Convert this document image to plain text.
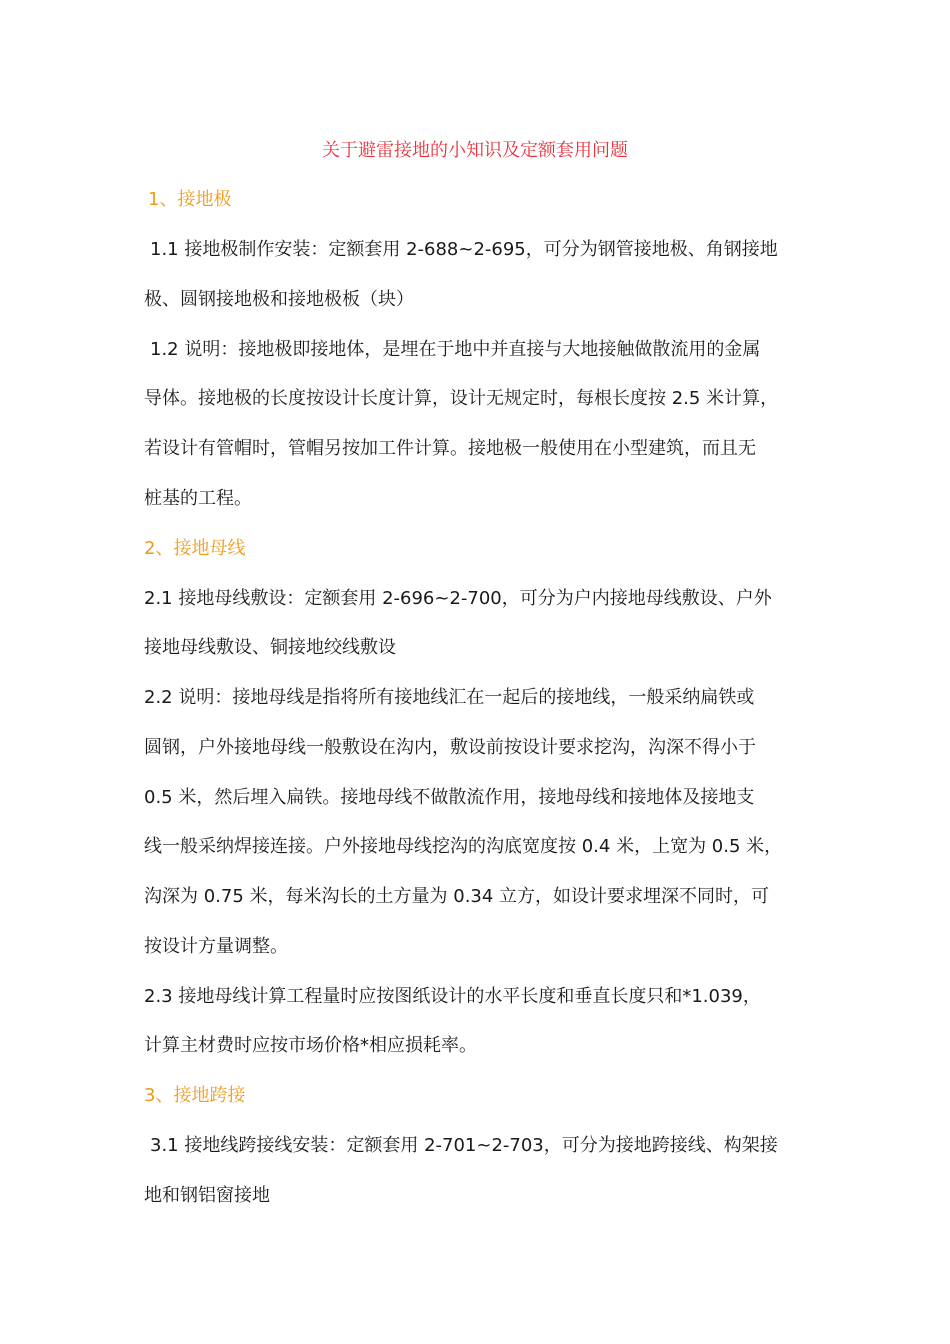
关于避雷接地的小知识及定额套用问题
1、接地极

1.1 接地极制作安装：定额套用 2-688~2-695，可分为钢管接地极、角钢接地

极、圆钢接地极和接地极板（块）

1.2 说明：接地极即接地体，是埋在于地中并直接与大地接触做散流用的金属

导体。接地极的长度按设计长度计算，设计无规定时，每根长度按 2.5 米计算，

若设计有管帽时，管帽另按加工件计算。接地极一般使用在小型建筑，而且无

桩基的工程。

2、接地母线

2.1 接地母线敷设：定额套用 2-696~2-700，可分为户内接地母线敷设、户外

接地母线敷设、铜接地绞线敷设

2.2 说明：接地母线是指将所有接地线汇在一起后的接地线，一般采纳扁铁或

圆钢，户外接地母线一般敷设在沟内，敷设前按设计要求挖沟，沟深不得小于

0.5 米，然后埋入扁铁。接地母线不做散流作用，接地母线和接地体及接地支

线一般采纳焊接连接。户外接地母线挖沟的沟底宽度按 0.4 米，上宽为 0.5 米，

沟深为 0.75 米，每米沟长的土方量为 0.34 立方，如设计要求埋深不同时，可

按设计方量调整。

2.3 接地母线计算工程量时应按图纸设计的水平长度和垂直长度只和*1.039，

计算主材费时应按市场价格*相应损耗率。

3、接地跨接

3.1 接地线跨接线安装：定额套用 2-701~2-703，可分为接地跨接线、构架接

地和钢铝窗接地
